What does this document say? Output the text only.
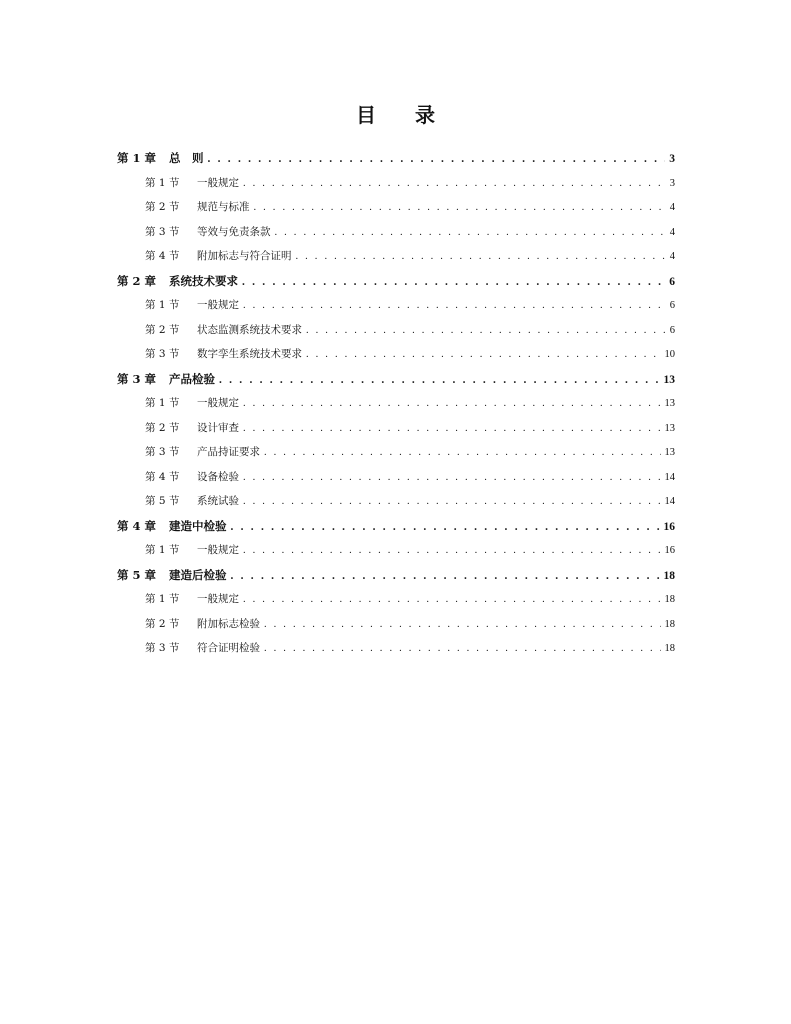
目 录
第 1 章	总　则 . . .	3
第 1 节	一般规定 . . .	3
第 2 节	规范与标准 . . .	4
第 3 节	等效与免责条款 . . .	4
第 4 节	附加标志与符合证明 . . .	4
第 2 章	系统技术要求 . . .	6
第 1 节	一般规定 . . .	6
第 2 节	状态监测系统技术要求 . . .	6
第 3 节	数字孪生系统技术要求 . . .	10
第 3 章	产品检验 . . .	13
第 1 节	一般规定 . . .	13
第 2 节	设计审查 . . .	13
第 3 节	产品持证要求 . . .	13
第 4 节	设备检验 . . .	14
第 5 节	系统试验 . . .	14
第 4 章	建造中检验 . . .	16
第 1 节	一般规定 . . .	16
第 5 章	建造后检验 . . .	18
第 1 节	一般规定 . . .	18
第 2 节	附加标志检验 . . .	18
第 3 节	符合证明检验 . . .	18
